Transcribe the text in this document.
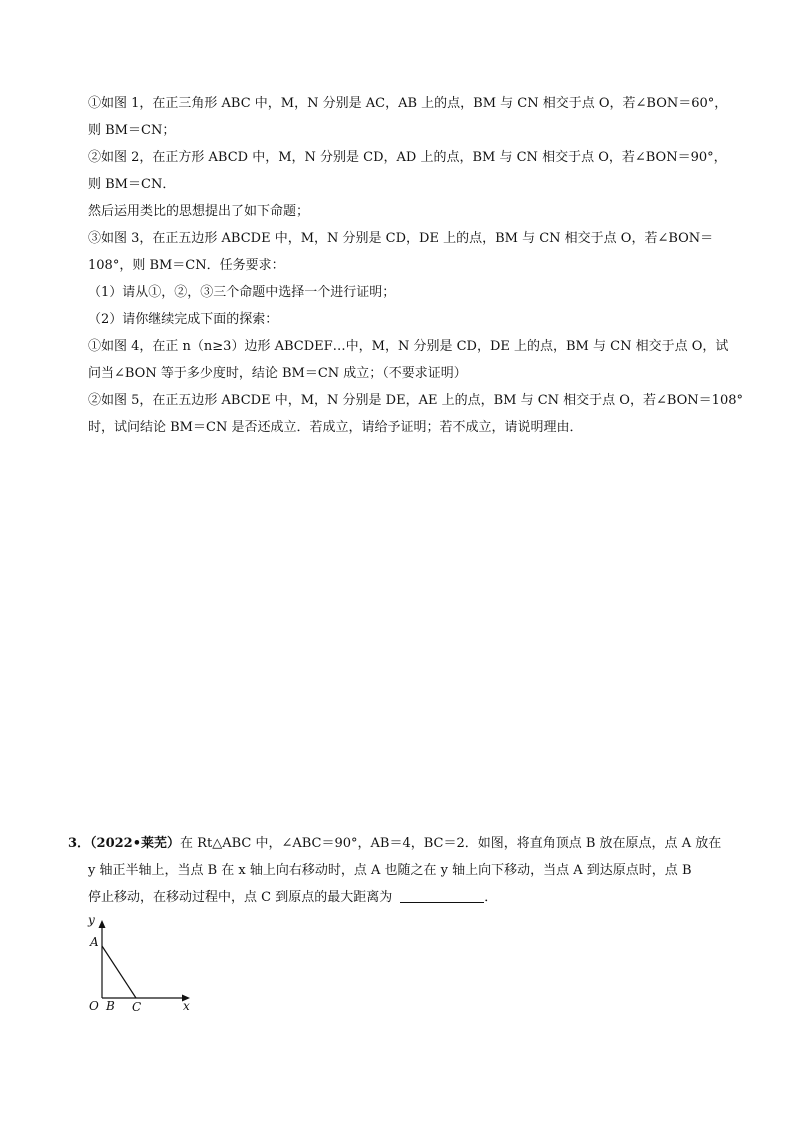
①如图 1，在正三角形 ABC 中，M，N 分别是 AC，AB 上的点，BM 与 CN 相交于点 O，若∠BON＝60°，

则 BM＝CN；

②如图 2，在正方形 ABCD 中，M，N 分别是 CD，AD 上的点，BM 与 CN 相交于点 O，若∠BON＝90°，

则 BM＝CN．

然后运用类比的思想提出了如下命题；

③如图 3，在正五边形 ABCDE 中，M，N 分别是 CD，DE 上的点，BM 与 CN 相交于点 O，若∠BON＝

108°，则 BM＝CN．任务要求：

（1）请从①，②，③三个命题中选择一个进行证明；

（2）请你继续完成下面的探索：

①如图 4，在正 n（n≥3）边形 ABCDEF…中，M，N 分别是 CD，DE 上的点，BM 与 CN 相交于点 O，试

问当∠BON 等于多少度时，结论 BM＝CN 成立；（不要求证明）

②如图 5，在正五边形 ABCDE 中，M，N 分别是 DE，AE 上的点，BM 与 CN 相交于点 O，若∠BON＝108°

时，试问结论 BM＝CN 是否还成立．若成立，请给予证明；若不成立，请说明理由．

3．（2022•莱芜）在 Rt△ABC 中，∠ABC＝90°，AB＝4，BC＝2．如图，将直角顶点 B 放在原点，点 A 放在

y 轴正半轴上，当点 B 在 x 轴上向右移动时，点 A 也随之在 y 轴上向下移动，当点 A 到达原点时，点 B

停止移动，在移动过程中，点 C 到原点的最大距离为	．

y
A
O B C	x
